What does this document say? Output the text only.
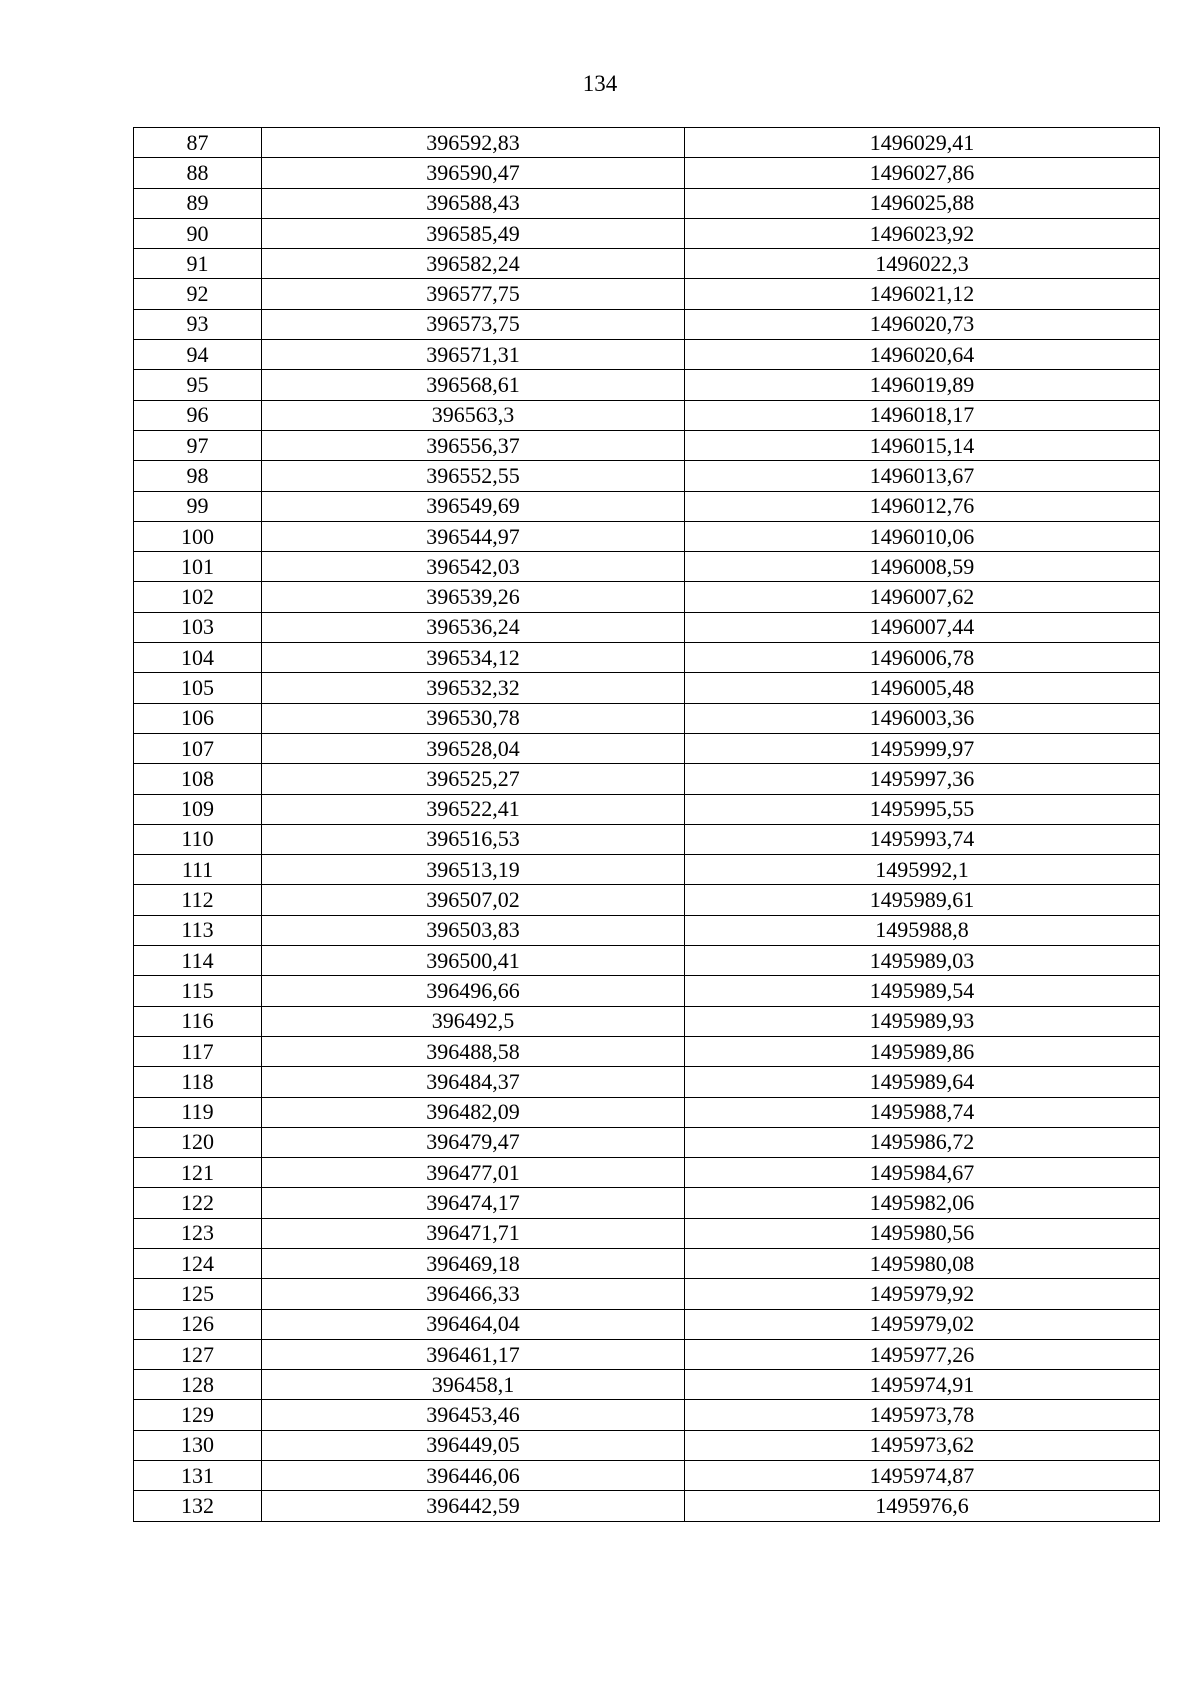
134
87	396592,83	1496029,41
88	396590,47	1496027,86
89	396588,43	1496025,88
90	396585,49	1496023,92
91	396582,24	1496022,3
92	396577,75	1496021,12
93	396573,75	1496020,73
94	396571,31	1496020,64
95	396568,61	1496019,89
96	396563,3	1496018,17
97	396556,37	1496015,14
98	396552,55	1496013,67
99	396549,69	1496012,76
100	396544,97	1496010,06
101	396542,03	1496008,59
102	396539,26	1496007,62
103	396536,24	1496007,44
104	396534,12	1496006,78
105	396532,32	1496005,48
106	396530,78	1496003,36
107	396528,04	1495999,97
108	396525,27	1495997,36
109	396522,41	1495995,55
110	396516,53	1495993,74
111	396513,19	1495992,1
112	396507,02	1495989,61
113	396503,83	1495988,8
114	396500,41	1495989,03
115	396496,66	1495989,54
116	396492,5	1495989,93
117	396488,58	1495989,86
118	396484,37	1495989,64
119	396482,09	1495988,74
120	396479,47	1495986,72
121	396477,01	1495984,67
122	396474,17	1495982,06
123	396471,71	1495980,56
124	396469,18	1495980,08
125	396466,33	1495979,92
126	396464,04	1495979,02
127	396461,17	1495977,26
128	396458,1	1495974,91
129	396453,46	1495973,78
130	396449,05	1495973,62
131	396446,06	1495974,87
132	396442,59	1495976,6
